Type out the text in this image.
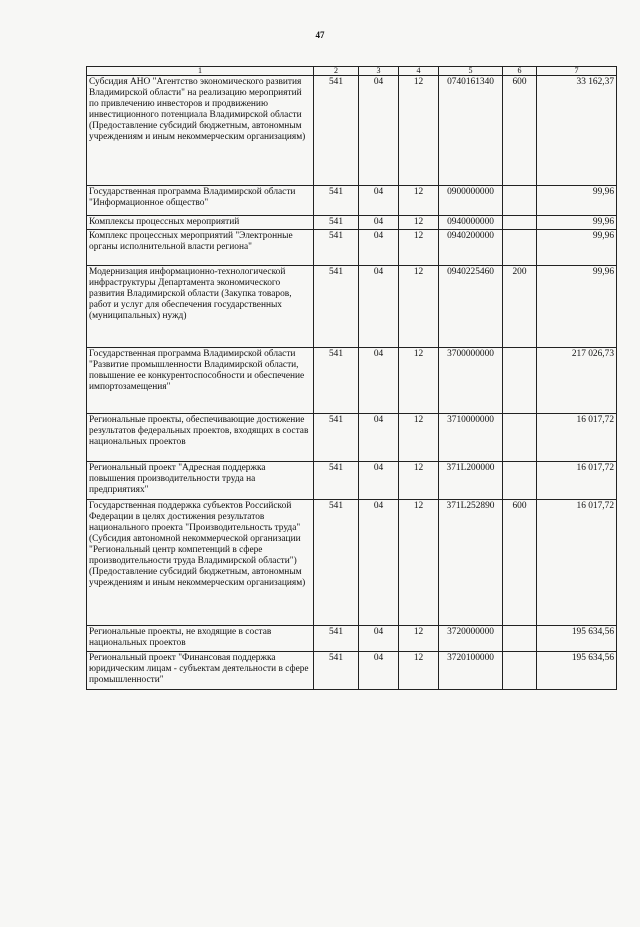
47
1	2	3	4	5	6	7
Субсидия АНО "Агентство экономического развития Владимирской области" на реализацию мероприятий по привлечению инвесторов и продвижению инвестиционного потенциала Владимирской области (Предоставление субсидий бюджетным, автономным учреждениям и иным некоммерческим организациям)	541	04	12	0740161340	600	33 162,37
Государственная программа Владимирской области "Информационное общество"	541	04	12	0900000000		99,96
Комплексы процессных мероприятий	541	04	12	0940000000		99,96
Комплекс процессных мероприятий "Электронные органы исполнительной власти региона"	541	04	12	0940200000		99,96
Модернизация информационно-технологической инфраструктуры Департамента экономического развития Владимирской области (Закупка товаров, работ и услуг для обеспечения государственных (муниципальных) нужд)	541	04	12	0940225460	200	99,96
Государственная программа Владимирской области "Развитие промышленности Владимирской области, повышение ее конкурентоспособности и обеспечение импортозамещения"	541	04	12	3700000000		217 026,73
Региональные проекты, обеспечивающие достижение результатов федеральных проектов, входящих в состав национальных проектов	541	04	12	3710000000		16 017,72
Региональный проект "Адресная поддержка повышения производительности труда на предприятиях"	541	04	12	371L200000		16 017,72
Государственная поддержка субъектов Российской Федерации в целях достижения результатов национального проекта "Производительность труда" (Субсидия автономной некоммерческой организации "Региональный центр компетенций в сфере производительности труда Владимирской области") (Предоставление субсидий бюджетным, автономным учреждениям и иным некоммерческим организациям)	541	04	12	371L252890	600	16 017,72
Региональные проекты, не входящие в состав национальных проектов	541	04	12	3720000000		195 634,56
Региональный проект "Финансовая поддержка юридическим лицам - субъектам деятельности в сфере промышленности"	541	04	12	3720100000		195 634,56
